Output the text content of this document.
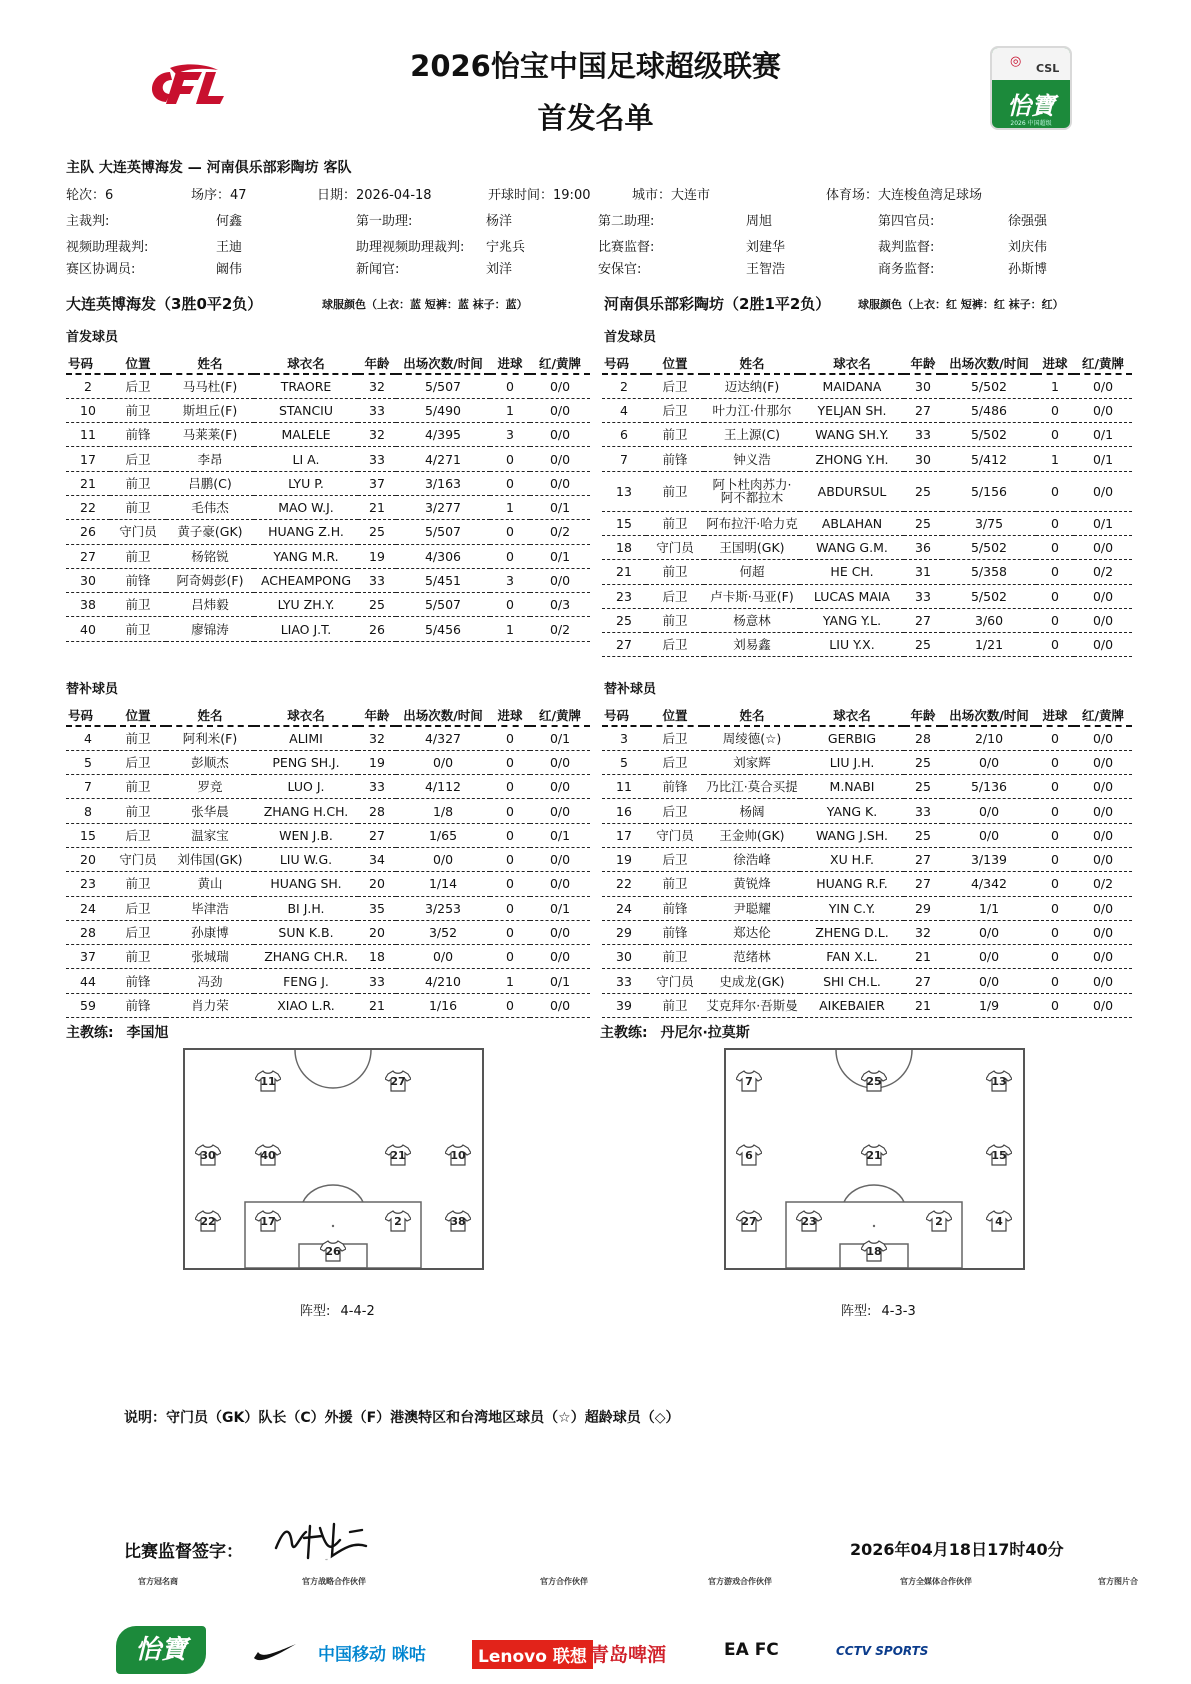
CFL
◎ CSL
怡寶
2026 中国超级
2026怡宝中国足球超级联赛
首发名单
主队 大连英博海发 — 河南俱乐部彩陶坊 客队
轮次：6	场序：47	日期：2026-04-18	开球时间：19:00	城市：大连市	体育场：大连梭鱼湾足球场
主裁判:	何鑫	第一助理:	杨洋	第二助理:	周旭	第四官员:	徐强强
视频助理裁判:	王迪	助理视频助理裁判: 宁兆兵	比赛监督:	刘建华	裁判监督:	刘庆伟
赛区协调员:	阚伟	新闻官:	刘洋	安保官:	王智浩	商务监督:	孙斯博
大连英博海发（3胜0平2负）	球服颜色（上衣：蓝 短裤：蓝 袜子：蓝）	河南俱乐部彩陶坊（2胜1平2负）	球服颜色（上衣：红 短裤：红 袜子：红）
首发球员	首发球员
替补球员	替补球员
号码	位置	姓名	球衣名	年龄	出场次数/时间	进球	红/黄牌
2	后卫	马马杜(F)	TRAORE	32	5/507	0	0/0
10	前卫	斯坦丘(F)	STANCIU	33	5/490	1	0/0
11	前锋	马莱莱(F)	MALELE	32	4/395	3	0/0
17	后卫	李昂	LI A.	33	4/271	0	0/0
21	前卫	吕鹏(C)	LYU P.	37	3/163	0	0/0
22	前卫	毛伟杰	MAO W.J.	21	3/277	1	0/1
26	守门员	黄子豪(GK)	HUANG Z.H.	25	5/507	0	0/2
27	前卫	杨铭锐	YANG M.R.	19	4/306	0	0/1
30	前锋	阿奇姆彭(F)	ACHEAMPONG	33	5/451	3	0/0
38	前卫	吕炜毅	LYU ZH.Y.	25	5/507	0	0/3
40	前卫	廖锦涛	LIAO J.T.	26	5/456	1	0/2
号码	位置	姓名	球衣名	年龄	出场次数/时间	进球	红/黄牌
2	后卫	迈达纳(F)	MAIDANA	30	5/502	1	0/0
4	后卫	叶力江·什那尔	YELJAN SH.	27	5/486	0	0/0
6	前卫	王上源(C)	WANG SH.Y.	33	5/502	0	0/1
7	前锋	钟义浩	ZHONG Y.H.	30	5/412	1	0/1
13	前卫	阿卜杜肉苏力·阿不都拉木	ABDURSUL	25	5/156	0	0/0
15	前卫	阿布拉汗·哈力克	ABLAHAN	25	3/75	0	0/1
18	守门员	王国明(GK)	WANG G.M.	36	5/502	0	0/0
21	前卫	何超	HE CH.	31	5/358	0	0/2
23	后卫	卢卡斯·马亚(F)	LUCAS MAIA	33	5/502	0	0/0
25	前卫	杨意林	YANG Y.L.	27	3/60	0	0/0
27	后卫	刘易鑫	LIU Y.X.	25	1/21	0	0/0
号码	位置	姓名	球衣名	年龄	出场次数/时间	进球	红/黄牌
4	前卫	阿利米(F)	ALIMI	32	4/327	0	0/1
5	后卫	彭顺杰	PENG SH.J.	19	0/0	0	0/0
7	前卫	罗竞	LUO J.	33	4/112	0	0/0
8	前卫	张华晨	ZHANG H.CH.	28	1/8	0	0/0
15	后卫	温家宝	WEN J.B.	27	1/65	0	0/1
20	守门员	刘伟国(GK)	LIU W.G.	34	0/0	0	0/0
23	前卫	黄山	HUANG SH.	20	1/14	0	0/0
24	后卫	毕津浩	BI J.H.	35	3/253	0	0/1
28	后卫	孙康博	SUN K.B.	20	3/52	0	0/0
37	前卫	张城瑞	ZHANG CH.R.	18	0/0	0	0/0
44	前锋	冯劲	FENG J.	33	4/210	1	0/1
59	前锋	肖力荣	XIAO L.R.	21	1/16	0	0/0
号码	位置	姓名	球衣名	年龄	出场次数/时间	进球	红/黄牌
3	后卫	周绫德(☆)	GERBIG	28	2/10	0	0/0
5	后卫	刘家辉	LIU J.H.	25	0/0	0	0/0
11	前锋	乃比江·莫合买提	M.NABI	25	5/136	0	0/0
16	后卫	杨阔	YANG K.	33	0/0	0	0/0
17	守门员	王金帅(GK)	WANG J.SH.	25	0/0	0	0/0
19	后卫	徐浩峰	XU H.F.	27	3/139	0	0/0
22	前卫	黄锐烽	HUANG R.F.	27	4/342	0	0/2
24	前锋	尹聪耀	YIN C.Y.	29	1/1	0	0/0
29	前锋	郑达伦	ZHENG D.L.	32	0/0	0	0/0
30	前卫	范绪林	FAN X.L.	21	0/0	0	0/0
33	守门员	史成龙(GK)	SHI CH.L.	27	0/0	0	0/0
39	前卫	艾克拜尔·吾斯曼	AIKEBAIER	21	1/9	0	0/0
主教练: 李国旭	主教练: 丹尼尔·拉莫斯
11	27
30	40	21	10
22	17	2	38
26
7	25	13
6	21	15
27	23	2	4
18
阵型: 4-4-2	阵型: 4-3-3
说明：守门员（GK）队长（C）外援（F）港澳特区和台湾地区球员（☆）超龄球员（◇）
比赛监督签字：	刘建华
2026年04月18日17时40分
官方冠名商	官方战略合作伙伴	官方合作伙伴	官方游戏合作伙伴	官方全媒体合作伙伴	官方图片合
怡寶	中国移动 咪咕	Lenovo 联想 青岛啤酒	EA FC	CCTV SPORTS
